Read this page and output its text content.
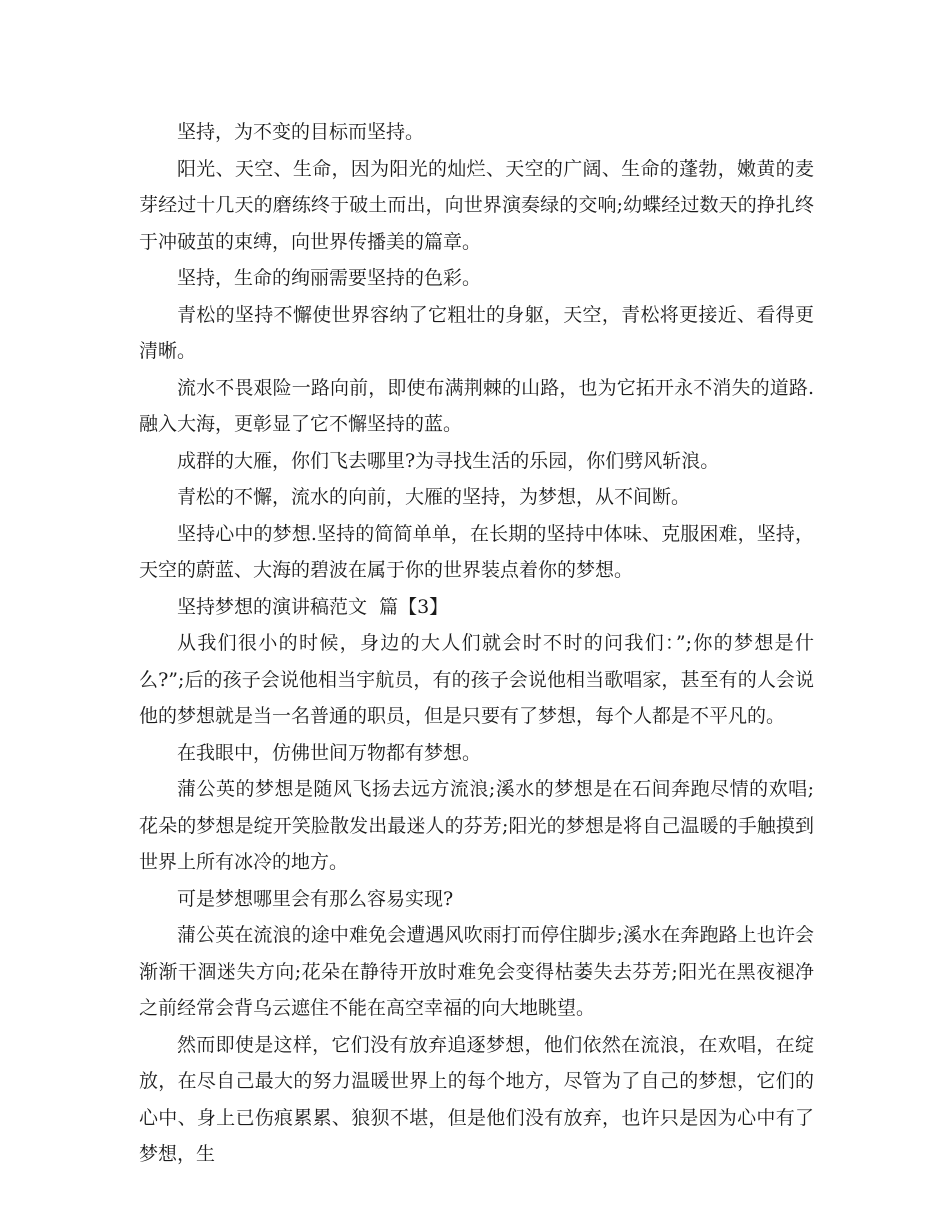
坚持，为不变的目标而坚持。

阳光、天空、生命，因为阳光的灿烂、天空的广阔、生命的蓬勃，嫩黄的麦芽经过十几天的磨练终于破土而出，向世界演奏绿的交响;幼蝶经过数天的挣扎终于冲破茧的束缚，向世界传播美的篇章。

坚持，生命的绚丽需要坚持的色彩。

青松的坚持不懈使世界容纳了它粗壮的身躯，天空，青松将更接近、看得更清晰。

流水不畏艰险一路向前，即使布满荆棘的山路，也为它拓开永不消失的道路.融入大海，更彰显了它不懈坚持的蓝。

成群的大雁，你们飞去哪里?为寻找生活的乐园，你们劈风斩浪。

青松的不懈，流水的向前，大雁的坚持，为梦想，从不间断。

坚持心中的梦想.坚持的简简单单，在长期的坚持中体味、克服困难，坚持，天空的蔚蓝、大海的碧波在属于你的世界装点着你的梦想。

坚持梦想的演讲稿范文  篇【3】

从我们很小的时候，身边的大人们就会时不时的问我们：”;你的梦想是什么?”;后的孩子会说他相当宇航员，有的孩子会说他相当歌唱家，甚至有的人会说他的梦想就是当一名普通的职员，但是只要有了梦想，每个人都是不平凡的。

在我眼中，仿佛世间万物都有梦想。

蒲公英的梦想是随风飞扬去远方流浪;溪水的梦想是在石间奔跑尽情的欢唱;花朵的梦想是绽开笑脸散发出最迷人的芬芳;阳光的梦想是将自己温暖的手触摸到世界上所有冰冷的地方。

可是梦想哪里会有那么容易实现?

蒲公英在流浪的途中难免会遭遇风吹雨打而停住脚步;溪水在奔跑路上也许会渐渐干涸迷失方向;花朵在静待开放时难免会变得枯萎失去芬芳;阳光在黑夜褪净之前经常会背乌云遮住不能在高空幸福的向大地眺望。

然而即使是这样，它们没有放弃追逐梦想，他们依然在流浪，在欢唱，在绽放，在尽自己最大的努力温暖世界上的每个地方，尽管为了自己的梦想，它们的心中、身上已伤痕累累、狼狈不堪，但是他们没有放弃，也许只是因为心中有了梦想，生
